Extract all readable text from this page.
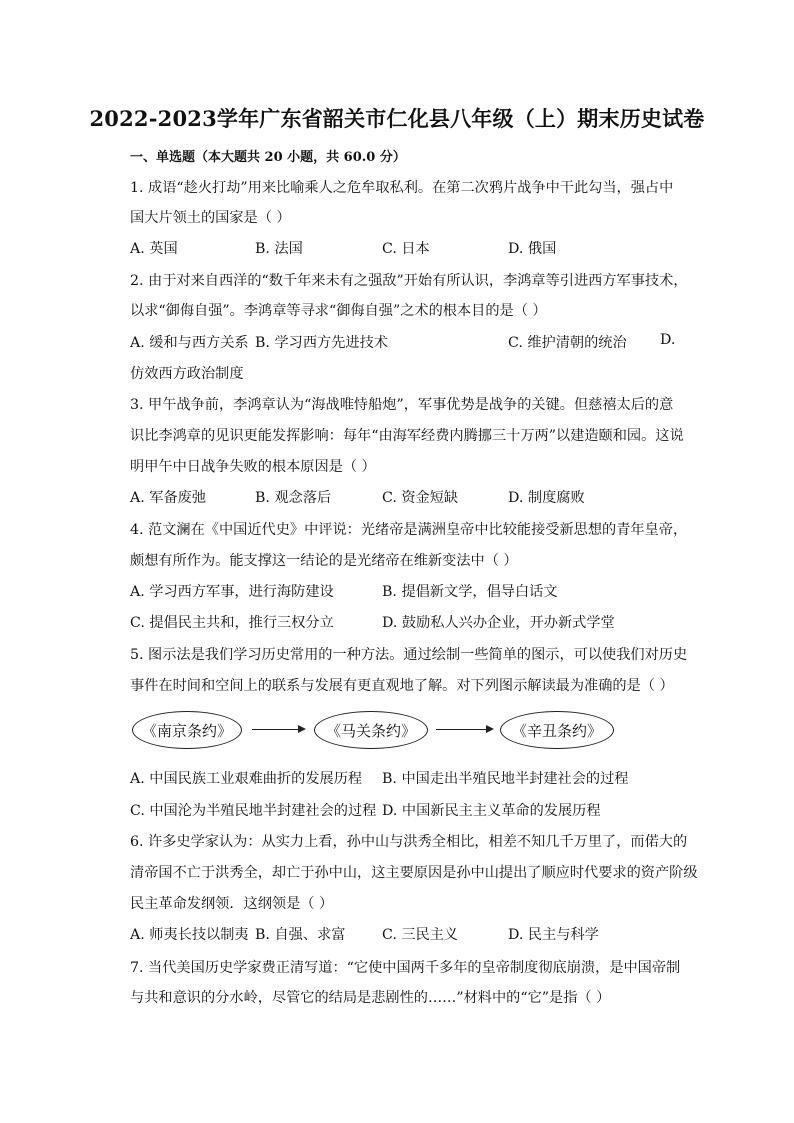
2022-2023学年广东省韶关市仁化县八年级（上）期末历史试卷
一、单选题（本大题共 20 小题，共 60.0 分）
1. 成语“趁火打劫”用来比喻乘人之危牟取私利。在第二次鸦片战争中干此勾当，强占中
国大片领土的国家是（ ）
A. 英国	B. 法国	C. 日本	D. 俄国
2. 由于对来自西洋的“数千年来未有之强敌”开始有所认识，李鸿章等引进西方军事技术，
以求“御侮自强”。李鸿章等寻求“御侮自强”之术的根本目的是（ ）
A. 缓和与西方关系 B. 学习西方先进技术	C. 维护清朝的统治 D.
仿效西方政治制度
3. 甲午战争前，李鸿章认为“海战唯恃船炮”，军事优势是战争的关键。但慈禧太后的意
识比李鸿章的见识更能发挥影响：每年“由海军经费内腾挪三十万两”以建造颐和园。这说
明甲午中日战争失败的根本原因是（ ）
A. 军备废弛	B. 观念落后	C. 资金短缺	D. 制度腐败
4. 范文澜在《中国近代史》中评说：光绪帝是满洲皇帝中比较能接受新思想的青年皇帝，
颇想有所作为。能支撑这一结论的是光绪帝在维新变法中（ ）
A. 学习西方军事，进行海防建设	B. 提倡新文学，倡导白话文
C. 提倡民主共和，推行三权分立	D. 鼓励私人兴办企业，开办新式学堂
5. 图示法是我们学习历史常用的一种方法。通过绘制一些简单的图示，可以使我们对历史
事件在时间和空间上的联系与发展有更直观地了解。对下列图示解读最为准确的是（ ）
《南京条约》	《马关条约》	《辛丑条约》
A. 中国民族工业艰难曲折的发展历程 B. 中国走出半殖民地半封建社会的过程
C. 中国沦为半殖民地半封建社会的过程 D. 中国新民主主义革命的发展历程
6. 许多史学家认为：从实力上看，孙中山与洪秀全相比，相差不知几千万里了，而偌大的
清帝国不亡于洪秀全，却亡于孙中山，这主要原因是孙中山提出了顺应时代要求的资产阶级
民主革命发纲领．这纲领是（ ）
A. 师夷长技以制夷 B. 自强、求富	C. 三民主义	D. 民主与科学
7. 当代美国历史学家费正清写道：“它使中国两千多年的皇帝制度彻底崩溃，是中国帝制
与共和意识的分水岭，尽管它的结局是悲剧性的……”材料中的“它”是指（ ）
